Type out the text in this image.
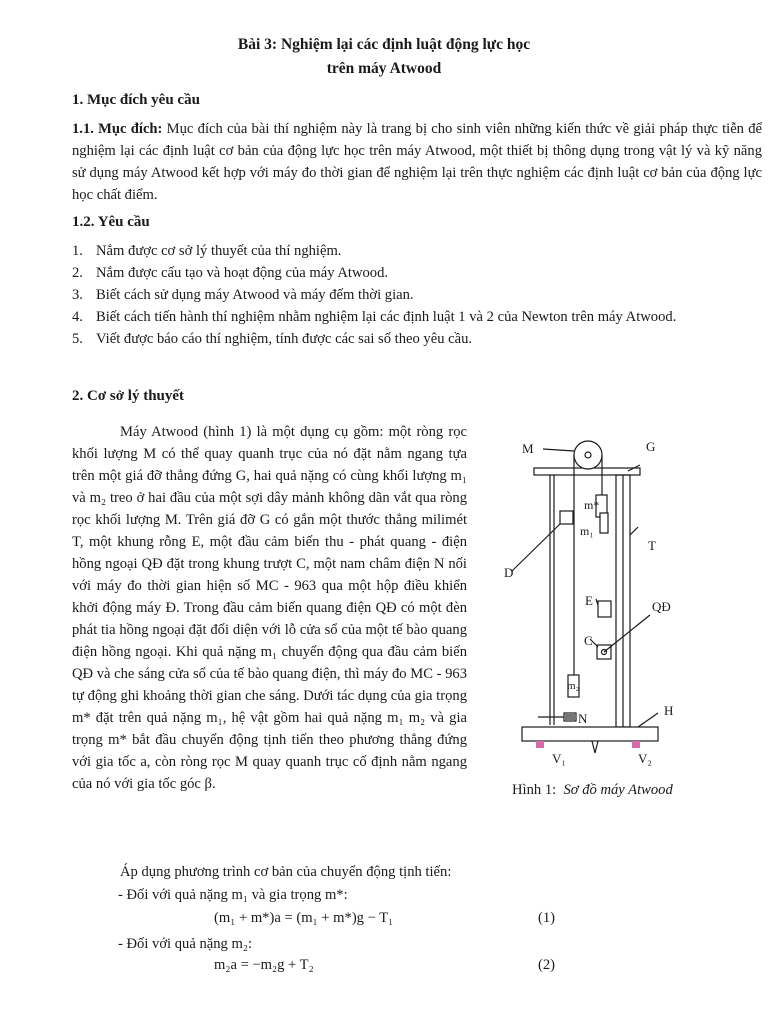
Bài 3: Nghiệm lại các định luật động lực học
trên máy Atwood
1. Mục đích yêu cầu
1.1. Mục đích: Mục đích của bài thí nghiệm này là trang bị cho sinh viên những kiến thức về giải pháp thực tiễn để nghiệm lại các định luật cơ bản của động lực học trên máy Atwood, một thiết bị thông dụng trong vật lý và kỹ năng sử dụng máy Atwood kết hợp với máy đo thời gian để nghiệm lại trên thực nghiệm các định luật cơ bản của động lực học chất điểm.
1.2. Yêu cầu
1. Nắm được cơ sở lý thuyết của thí nghiệm.
2. Nắm được cấu tạo và hoạt động của máy Atwood.
3. Biết cách sử dụng máy Atwood và máy đếm thời gian.
4. Biết cách tiến hành thí nghiệm nhằm nghiệm lại các định luật 1 và 2 của Newton trên máy Atwood.
5. Viết được báo cáo thí nghiệm, tính được các sai số theo yêu cầu.
2. Cơ sở lý thuyết
Máy Atwood (hình 1) là một dụng cụ gồm: một ròng rọc khối lượng M có thể quay quanh trục của nó đặt nằm ngang tựa trên một giá đỡ thẳng đứng G, hai quả nặng có cùng khối lượng m₁ và m₂ treo ở hai đầu của một sợi dây mảnh không dãn vắt qua ròng rọc khối lượng M. Trên giá đỡ G có gắn một thước thẳng milimét T, một khung rỗng E, một đầu cảm biến thu - phát quang - điện hồng ngoại QĐ đặt trong khung trượt C, một nam châm điện N nối với máy đo thời gian hiện số MC - 963 qua một hộp điều khiển khởi động máy Đ. Trong đầu cảm biến quang điện QĐ có một đèn phát tia hồng ngoại đặt đối diện với lỗ cửa sổ của một tế bào quang điện hồng ngoại. Khi quả nặng m₁ chuyển động qua đầu cảm biến QĐ và che sáng cửa sổ của tế bào quang điện, thì máy đo MC - 963 tự động ghi khoảng thời gian che sáng. Dưới tác dụng của gia trọng m* đặt trên quả nặng m₁, hệ vật gồm hai quả nặng m₁ m₂ và gia trọng m* bắt đầu chuyển động tịnh tiến theo phương thẳng đứng với gia tốc a, còn ròng rọc M quay quanh trục cố định nằm ngang của nó với gia tốc góc β.
Áp dụng phương trình cơ bản của chuyển động tịnh tiến:
- Đối với quả nặng m₁ và gia trọng m*:
(m₁ + m*)a = (m₁ + m*)g − T₁	(1)
- Đối với quả nặng m₂:
m₂a = −m₂g + T₂	(2)
M	G
m*
m₁
T
D
E	QĐ
C
m₂
N
H
V₁	V₂
Hình 1: Sơ đồ máy Atwood
